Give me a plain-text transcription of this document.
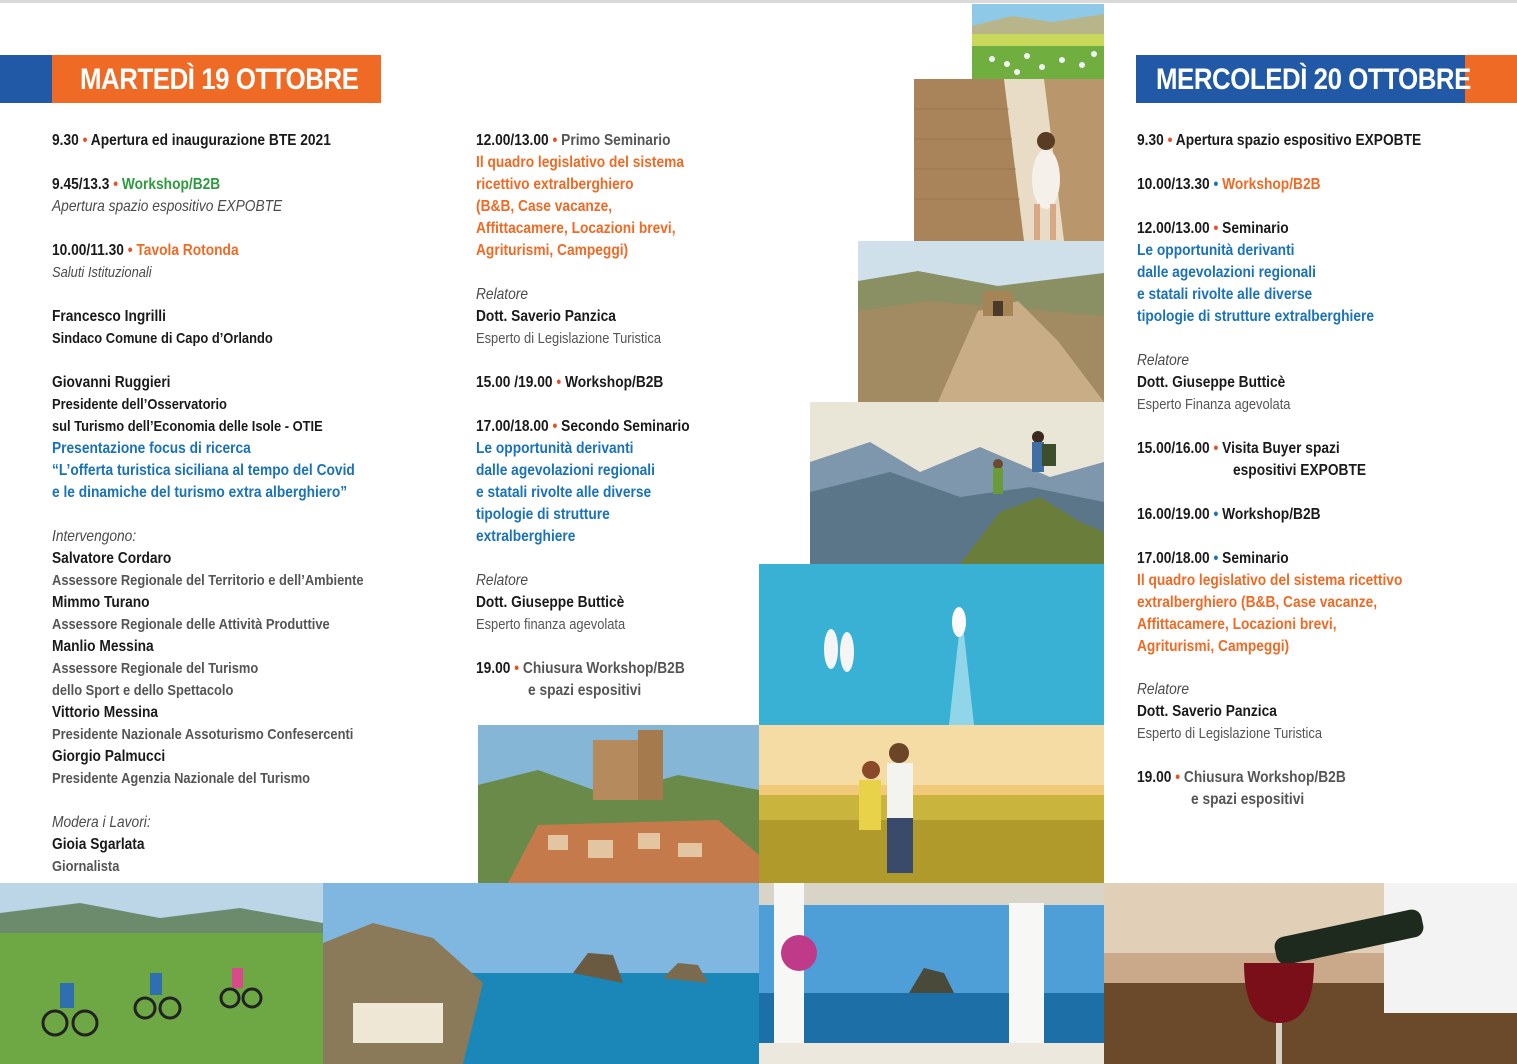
MARTEDÌ 19 OTTOBRE
9.30 • Apertura ed inaugurazione BTE 2021
9.45/13.3 • Workshop/B2B
Apertura spazio espositivo EXPOBTE
10.00/11.30 • Tavola Rotonda
Saluti Istituzionali
Francesco Ingrilli
Sindaco Comune di Capo d’Orlando
Giovanni Ruggieri
Presidente dell’Osservatorio
sul Turismo dell’Economia delle Isole - OTIE
Presentazione focus di ricerca
“L’offerta turistica siciliana al tempo del Covid
e le dinamiche del turismo extra alberghiero”
Intervengono:
Salvatore Cordaro
Assessore Regionale del Territorio e dell’Ambiente
Mimmo Turano
Assessore Regionale delle Attività Produttive
Manlio Messina
Assessore Regionale del Turismo
dello Sport e dello Spettacolo
Vittorio Messina
Presidente Nazionale Assoturismo Confesercenti
Giorgio Palmucci
Presidente Agenzia Nazionale del Turismo
Modera i Lavori:
Gioia Sgarlata
Giornalista
12.00/13.00 • Primo Seminario
Il quadro legislativo del sistema
ricettivo extralberghiero
(B&B, Case vacanze,
Affittacamere, Locazioni brevi,
Agriturismi, Campeggi)
Relatore
Dott. Saverio Panzica
Esperto di Legislazione Turistica
15.00 /19.00 • Workshop/B2B
17.00/18.00 • Secondo Seminario
Le opportunità derivanti
dalle agevolazioni regionali
e statali rivolte alle diverse
tipologie di strutture
extralberghiere
Relatore
Dott. Giuseppe Butticè
Esperto finanza agevolata
19.00 • Chiusura Workshop/B2B
e spazi espositivi
MERCOLEDÌ 20 OTTOBRE
9.30 • Apertura spazio espositivo EXPOBTE
10.00/13.30 • Workshop/B2B
12.00/13.00 • Seminario
Le opportunità derivanti
dalle agevolazioni regionali
e statali rivolte alle diverse
tipologie di strutture extralberghiere
Relatore
Dott. Giuseppe Butticè
Esperto Finanza agevolata
15.00/16.00 • Visita Buyer spazi
espositivi EXPOBTE
16.00/19.00 • Workshop/B2B
17.00/18.00 • Seminario
Il quadro legislativo del sistema ricettivo
extralberghiero (B&B, Case vacanze,
Affittacamere, Locazioni brevi,
Agriturismi, Campeggi)
Relatore
Dott. Saverio Panzica
Esperto di Legislazione Turistica
19.00 • Chiusura Workshop/B2B
e spazi espositivi
